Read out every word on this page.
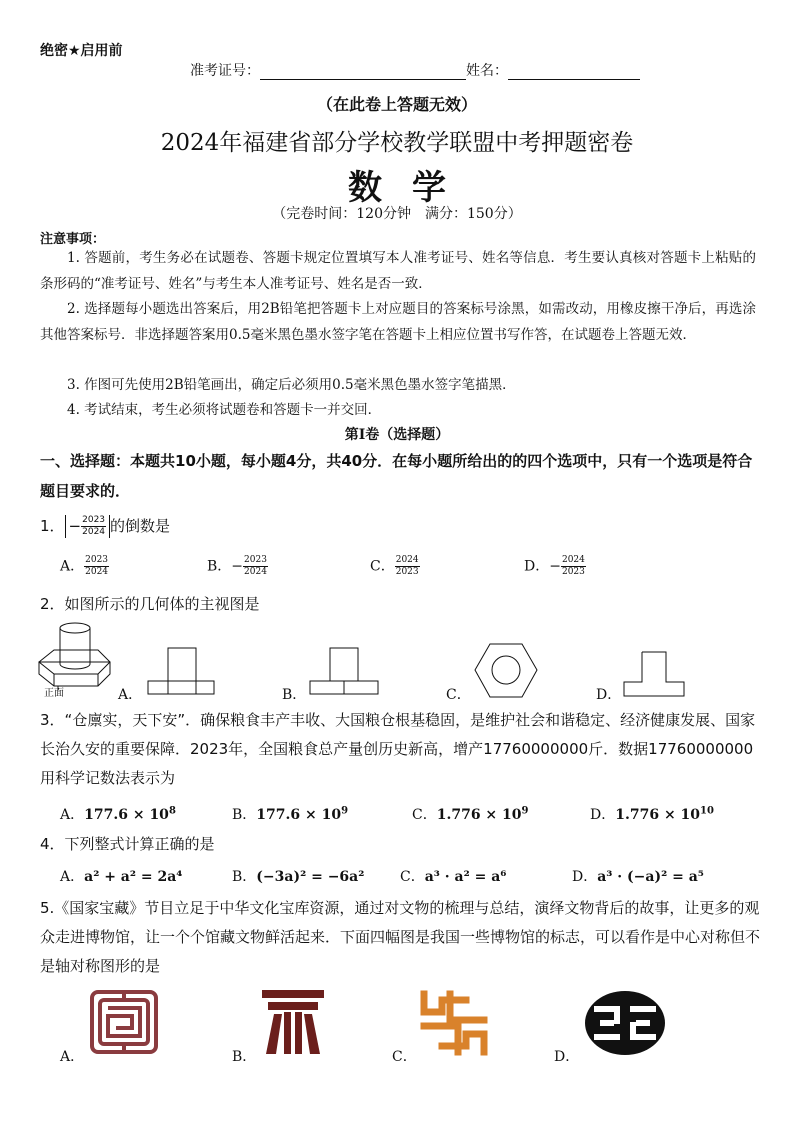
绝密★启用前
准考证号：	姓名：
（在此卷上答题无效）
2024年福建省部分学校教学联盟中考押题密卷
数学
（完卷时间：120分钟　满分：150分）
注意事项：
1. 答题前，考生务必在试题卷、答题卡规定位置填写本人准考证号、姓名等信息．考生要认真核对答题卡上粘贴的条形码的“准考证号、姓名”与考生本人准考证号、姓名是否一致．
2. 选择题每小题选出答案后，用2B铅笔把答题卡上对应题目的答案标号涂黑，如需改动，用橡皮擦干净后，再选涂其他答案标号．非选择题答案用0.5毫米黑色墨水签字笔在答题卡上相应位置书写作答，在试题卷上答题无效．
3. 作图可先使用2B铅笔画出，确定后必须用0.5毫米黑色墨水签字笔描黑．
4. 考试结束，考生必须将试题卷和答题卡一并交回．
第Ⅰ卷（选择题）
一、选择题：本题共10小题，每小题4分，共40分．在每小题所给出的的四个选项中，只有一个选项是符合题目要求的．
1． − $\frac{2023}{2024}$ 的倒数是
A． $\frac{2023}{2024}$	B．− $\frac{2023}{2024}$	C． $\frac{2024}{2023}$	D．− $\frac{2024}{2023}$
2．如图所示的几何体的主视图是
正面	A．	B．	C．	D．
3．“仓廪实，天下安”．确保粮食丰产丰收、大国粮仓根基稳固，是维护社会和谐稳定、经济健康发展、国家长治久安的重要保障．2023年，全国粮食总产量创历史新高，增产17760000000斤．数据17760000000用科学记数法表示为
A．$177.6 \times 10^8$	B．$177.6 \times 10^9$	C．$1.776 \times 10^9$	D．$1.776 \times 10^{10}$
4．下列整式计算正确的是
A．a² + a² = 2a⁴	B．(−3a)² = −6a²	C．a³ · a² = a⁶	D．a³ · (−a)² = a⁵
5.《国家宝藏》节目立足于中华文化宝库资源，通过对文物的梳理与总结，演绎文物背后的故事，让更多的观众走进博物馆，让一个个馆藏文物鲜活起来．下面四幅图是我国一些博物馆的标志，可以看作是中心对称但不是轴对称图形的是
A．	B．	C．	D．
